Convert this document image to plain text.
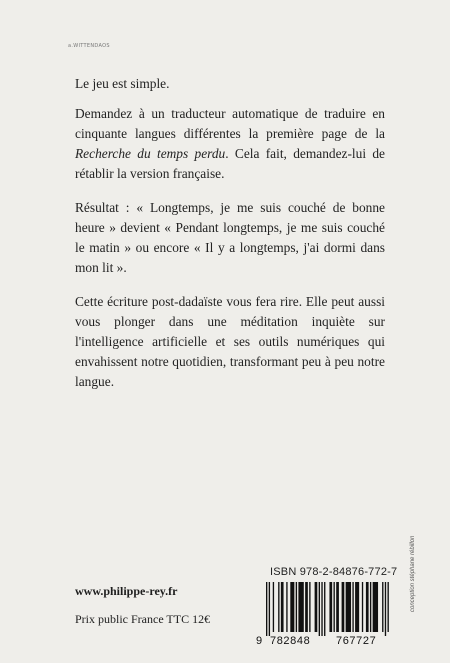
a.WITTENDAOS

Le jeu est simple.

Demandez à un traducteur automatique de traduire en cinquante langues différentes la première page de la Recherche du temps perdu. Cela fait, demandez-lui de rétablir la version française.

Résultat : « Longtemps, je me suis couché de bonne heure » devient « Pendant longtemps, je me suis couché le matin » ou encore « Il y a longtemps, j'ai dormi dans mon lit ».

Cette écriture post-dadaïste vous fera rire. Elle peut aussi vous plonger dans une méditation inquiète sur l'intelligence artificielle et ses outils numériques qui envahissent notre quotidien, transformant peu à peu notre langue.

www.philippe-rey.fr
Prix public France TTC 12€
ISBN 978-2-84876-772-7
9 782848 767727
conception stéphane rébillon
